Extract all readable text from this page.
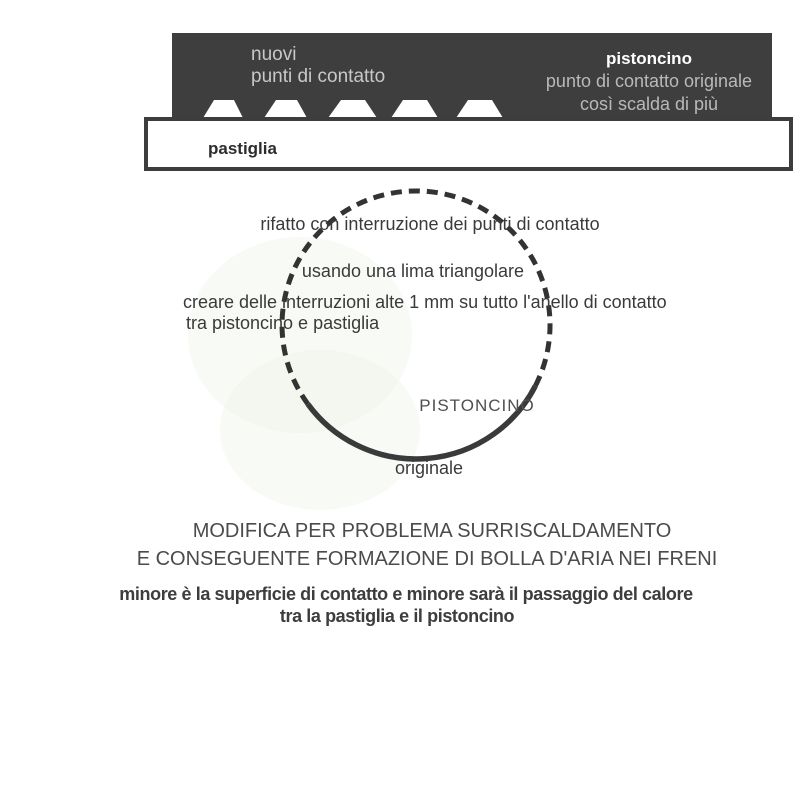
nuovi
punti di contatto
pistoncino
punto di contatto originale
così scalda di più
pastiglia
rifatto con interruzione dei punti di contatto
usando una lima triangolare
creare delle interruzioni alte 1 mm su tutto l'anello di contatto
tra pistoncino e pastiglia
PISTONCINO
originale
MODIFICA PER PROBLEMA SURRISCALDAMENTO
E CONSEGUENTE FORMAZIONE DI BOLLA D'ARIA NEI FRENI
minore è la superficie di contatto e minore sarà il passaggio del calore
tra la pastiglia e il pistoncino
